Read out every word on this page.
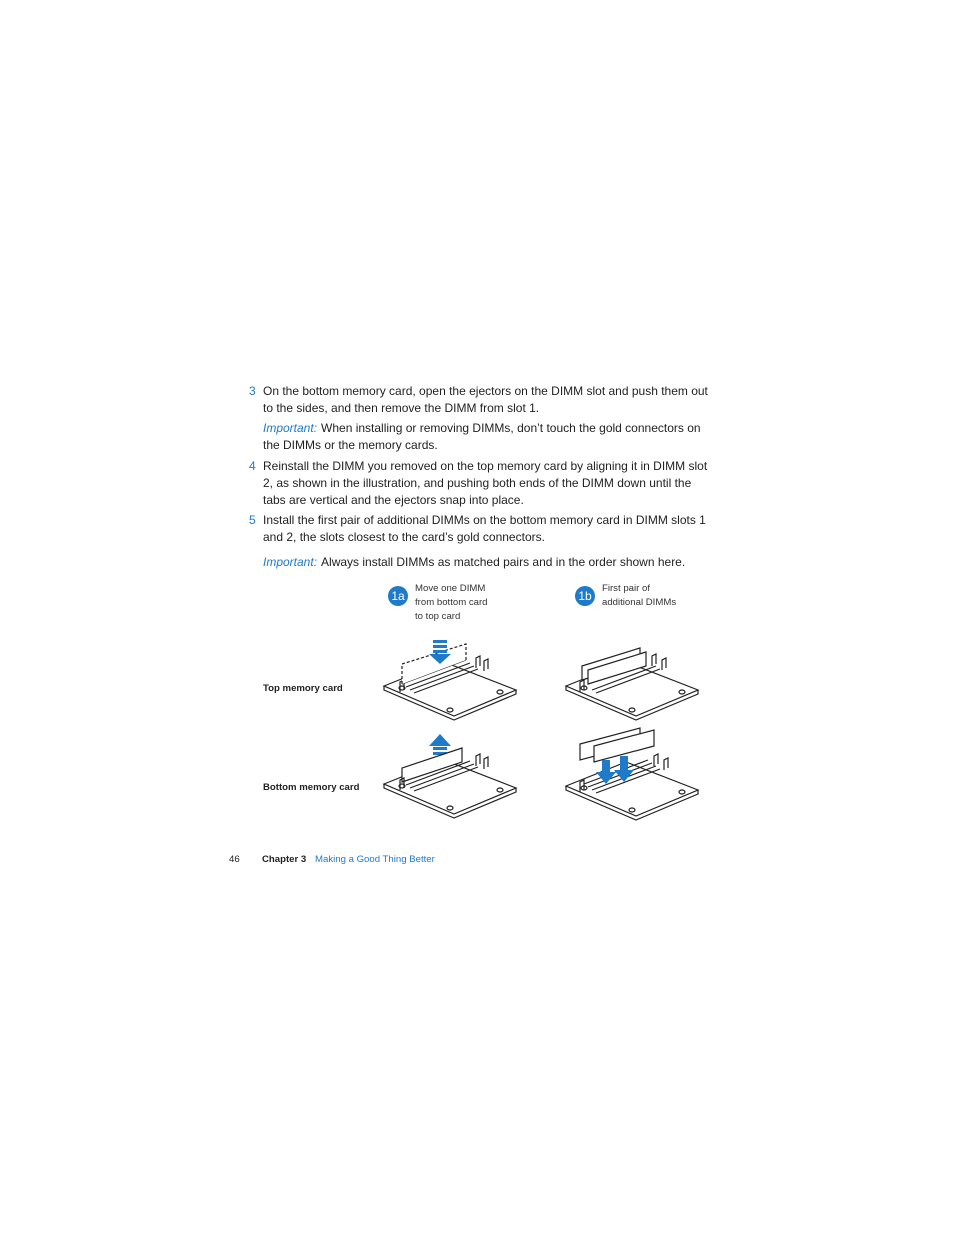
3 On the bottom memory card, open the ejectors on the DIMM slot and push them out to the sides, and then remove the DIMM from slot 1.
Important: When installing or removing DIMMs, don’t touch the gold connectors on the DIMMs or the memory cards.
4 Reinstall the DIMM you removed on the top memory card by aligning it in DIMM slot 2, as shown in the illustration, and pushing both ends of the DIMM down until the tabs are vertical and the ejectors snap into place.
5 Install the first pair of additional DIMMs on the bottom memory card in DIMM slots 1 and 2, the slots closest to the card’s gold connectors.
Important: Always install DIMMs as matched pairs and in the order shown here.
1a
Move one DIMM
from bottom card
to top card
1b
First pair of
additional DIMMs
Top memory card
Bottom memory card
46 Chapter 3 Making a Good Thing Better
